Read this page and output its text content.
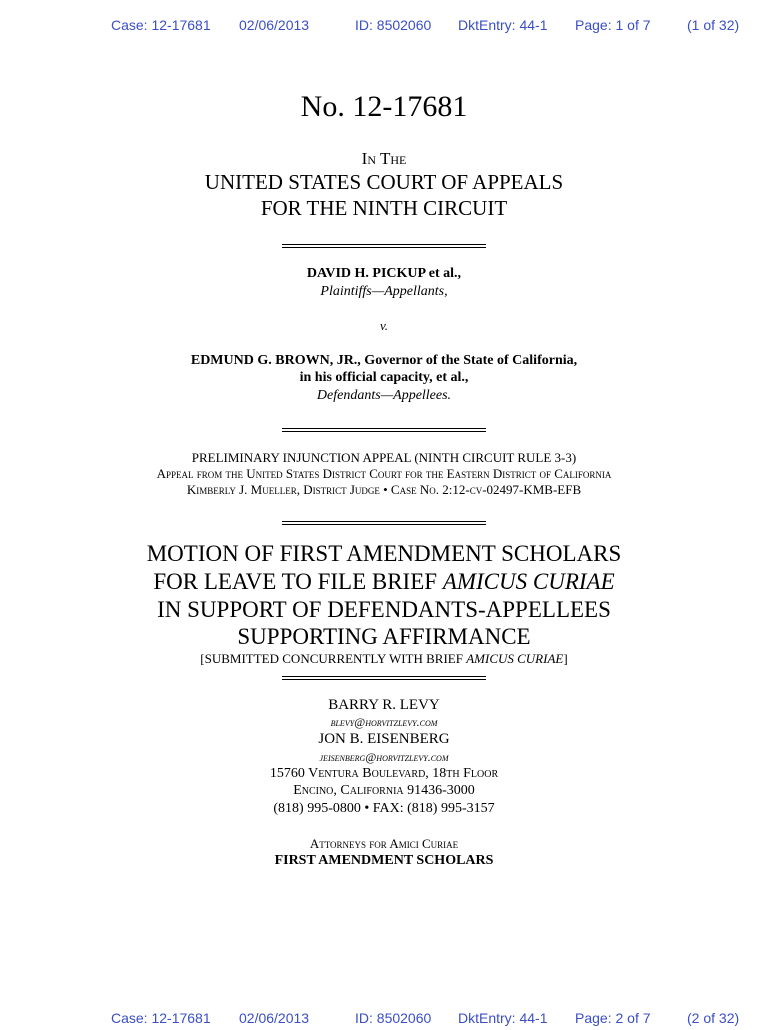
Case: 12-17681 02/06/2013	ID: 8502060 DktEntry: 44-1 Page: 1 of 7	(1 of 32)
No. 12-17681
In The
UNITED STATES COURT OF APPEALS
FOR THE NINTH CIRCUIT
DAVID H. PICKUP et al.,
Plaintiffs—Appellants,
v.
EDMUND G. BROWN, JR., Governor of the State of California,
in his official capacity, et al.,
Defendants—Appellees.
PRELIMINARY INJUNCTION APPEAL (NINTH CIRCUIT RULE 3-3)
Appeal from the United States District Court for the Eastern District of California
Kimberly J. Mueller, District Judge • Case No. 2:12-cv-02497-KMB-EFB
MOTION OF FIRST AMENDMENT SCHOLARS
FOR LEAVE TO FILE BRIEF AMICUS CURIAE
IN SUPPORT OF DEFENDANTS-APPELLEES
SUPPORTING AFFIRMANCE
[SUBMITTED CONCURRENTLY WITH BRIEF AMICUS CURIAE]
BARRY R. LEVY
blevy@horvitzlevy.com
JON B. EISENBERG
jeisenberg@horvitzlevy.com
15760 Ventura Boulevard, 18th Floor
Encino, California 91436-3000
(818) 995-0800 • FAX: (818) 995-3157
Attorneys for Amici Curiae
FIRST AMENDMENT SCHOLARS
Case: 12-17681 02/06/2013	ID: 8502060 DktEntry: 44-1 Page: 2 of 7	(2 of 32)
